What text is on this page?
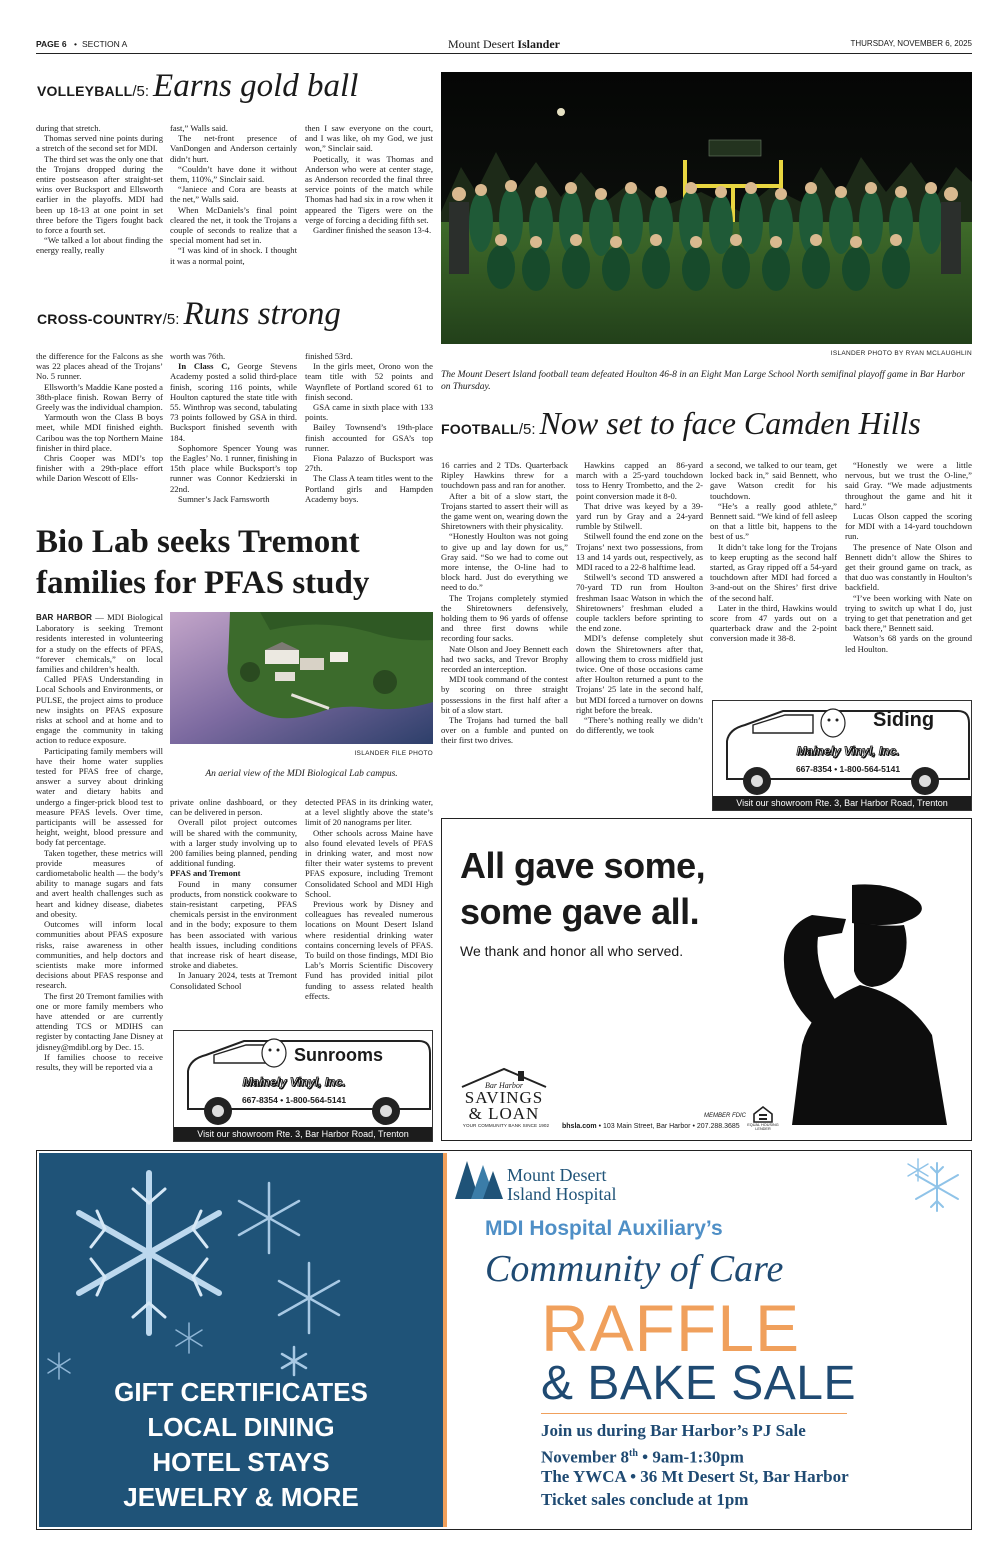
PAGE 6 • SECTION A	Mount Desert Islander	THURSDAY, NOVEMBER 6, 2025
VOLLEYBALL/5: Earns gold ball

during that stretch.

Thomas served nine points during a stretch of the second set for MDI.

The third set was the only one that the Trojans dropped during the entire postseason after straight-set wins over Bucksport and Ellsworth earlier in the playoffs. MDI had been up 18-13 at one point in set three before the Tigers fought back to force a fourth set.

“We talked a lot about finding the energy really, really

fast,” Walls said.

The net-front presence of VanDongen and Anderson certainly didn’t hurt.

“Couldn’t have done it without them, 110%,” Sinclair said.

“Janiece and Cora are beasts at the net,” Walls said.

When McDaniels’s final point cleared the net, it took the Trojans a couple of seconds to realize that a special moment had set in.

“I was kind of in shock. I thought it was a normal point,

then I saw everyone on the court, and I was like, oh my God, we just won,” Sinclair said.

Poetically, it was Thomas and Anderson who were at center stage, as Anderson recorded the final three service points of the match while Thomas had had six in a row when it appeared the Tigers were on the verge of forcing a deciding fifth set.

Gardiner finished the season 13-4.

ISLANDER PHOTO BY RYAN MCLAUGHLIN
The Mount Desert Island football team defeated Houlton 46-8 in an Eight Man Large School North semifinal playoff game in Bar Harbor on Thursday.
CROSS-COUNTRY/5: Runs strong

the difference for the Falcons as she was 22 places ahead of the Trojans’ No. 5 runner.

Ellsworth’s Maddie Kane posted a 38th-place finish. Rowan Berry of Greely was the individual champion.

Yarmouth won the Class B boys meet, while MDI finished eighth. Caribou was the top Northern Maine finisher in third place.

Chris Cooper was MDI’s top finisher with a 29th-place effort while Darion Wescott of Ells-

worth was 76th.

In Class C, George Stevens Academy posted a solid third-place finish, scoring 116 points, while Houlton captured the state title with 55. Winthrop was second, tabulating 73 points followed by GSA in third. Bucksport finished seventh with 184.

Sophomore Spencer Young was the Eagles’ No. 1 runner, finishing in 15th place while Bucksport’s top runner was Connor Kedzierski in 22nd.

Sumner’s Jack Farnsworth

finished 53rd.

In the girls meet, Orono won the team title with 52 points and Waynflete of Portland scored 61 to finish second.

GSA came in sixth place with 133 points.

Bailey Townsend’s 19th-place finish accounted for GSA’s top runner.

Fiona Palazzo of Bucksport was 27th.

The Class A team titles went to the Portland girls and Hampden Academy boys.

FOOTBALL/5: Now set to face Camden Hills

16 carries and 2 TDs. Quarterback Ripley Hawkins threw for a touchdown pass and ran for another.

After a bit of a slow start, the Trojans started to assert their will as the game went on, wearing down the Shiretowners with their physicality.

“Honestly Houlton was not going to give up and lay down for us,” Gray said. “So we had to come out more intense, the O-line had to block hard. Just do everything we need to do.”

The Trojans completely stymied the Shiretowners defensively, holding them to 96 yards of offense and three first downs while recording four sacks.

Nate Olson and Joey Bennett each had two sacks, and Trevor Brophy recorded an interception.

MDI took command of the contest by scoring on three straight possessions in the first half after a bit of a slow start.

The Trojans had turned the ball over on a fumble and punted on their first two drives.

Hawkins capped an 86-yard march with a 25-yard touchdown toss to Henry Trombetto, and the 2-point conversion made it 8-0.

That drive was keyed by a 39-yard run by Gray and a 24-yard rumble by Stilwell.

Stilwell found the end zone on the Trojans’ next two possessions, from 13 and 14 yards out, respectively, as MDI raced to a 22-8 halftime lead.

Stilwell’s second TD answered a 70-yard TD run from Houlton freshman Isaac Watson in which the Shiretowners’ freshman eluded a couple tacklers before sprinting to the end zone.

MDI’s defense completely shut down the Shiretowners after that, allowing them to cross midfield just twice. One of those occasions came after Houlton returned a punt to the Trojans’ 25 late in the second half, but MDI forced a turnover on downs right before the break.

“There’s nothing really we didn’t do differently, we took

a second, we talked to our team, get locked back in,” said Bennett, who gave Watson credit for his touchdown.

“He’s a really good athlete,” Bennett said. “We kind of fell asleep on that a little bit, happens to the best of us.”

It didn’t take long for the Trojans to keep erupting as the second half started, as Gray ripped off a 54-yard touchdown after MDI had forced a 3-and-out on the Shires’ first drive of the second half.

Later in the third, Hawkins would score from 47 yards out on a quarterback draw and the 2-point conversion made it 38-8.

“Honestly we were a little nervous, but we trust the O-line,” said Gray. “We made adjustments throughout the game and hit it hard.”

Lucas Olson capped the scoring for MDI with a 14-yard touchdown run.

The presence of Nate Olson and Bennett didn’t allow the Shires to get their ground game on track, as that duo was constantly in Houlton’s backfield.

“I’ve been working with Nate on trying to switch up what I do, just trying to get that penetration and get back there,” Bennett said.

Watson’s 68 yards on the ground led Houlton.

Siding
Mainely Vinyl, Inc.
667-8354 • 1-800-564-5141
Visit our showroom Rte. 3, Bar Harbor Road, Trenton
Bio Lab seeks Tremont families for PFAS study

BAR HARBOR — MDI Biological Laboratory is seeking Tremont residents interested in volunteering for a study on the effects of PFAS, “forever chemicals,” on local families and children’s health.

Called PFAS Understanding in Local Schools and Environments, or PULSE, the project aims to produce new insights on PFAS exposure risks at school and at home and to engage the community in taking action to reduce exposure.

Participating family members will have their home water supplies tested for PFAS free of charge, answer a survey about drinking water and dietary habits and undergo a finger-prick blood test to measure PFAS levels. Over time, participants will be assessed for height, weight, blood pressure and body fat percentage.

Taken together, these metrics will provide measures of cardiometabolic health — the body’s ability to manage sugars and fats and avert health challenges such as heart and kidney disease, diabetes and obesity.

Outcomes will inform local communities about PFAS exposure risks, raise awareness in other communities, and help doctors and scientists make more informed decisions about PFAS response and research.

The first 20 Tremont families with one or more family members who have attended or are currently attending TCS or MDIHS can register by contacting Jane Disney at jdisney@mdibl.org by Dec. 15.

If families choose to receive results, they will be reported via a

ISLANDER FILE PHOTO
An aerial view of the MDI Biological Lab campus.

private online dashboard, or they can be delivered in person.

Overall pilot project outcomes will be shared with the community, with a larger study involving up to 200 families being planned, pending additional funding.

PFAS and Tremont

Found in many consumer products, from nonstick cookware to stain-resistant carpeting, PFAS chemicals persist in the environment and in the body; exposure to them has been associated with various health issues, including conditions that increase risk of heart disease, stroke and diabetes.

In January 2024, tests at Tremont Consolidated School

detected PFAS in its drinking water, at a level slightly above the state’s limit of 20 nanograms per liter.

Other schools across Maine have also found elevated levels of PFAS in drinking water, and most now filter their water systems to prevent PFAS exposure, including Tremont Consolidated School and MDI High School.

Previous work by Disney and colleagues has revealed numerous locations on Mount Desert Island where residential drinking water contains concerning levels of PFAS. To build on those findings, MDI Bio Lab’s Morris Scientific Discovery Fund has provided initial pilot funding to assess related health effects.

Sunrooms
Mainely Vinyl, Inc.
667-8354 • 1-800-564-5141
Visit our showroom Rte. 3, Bar Harbor Road, Trenton
All gave some,
some gave all.
We thank and honor all who served.
Bar Harbor
SAVINGS
& LOAN
YOUR COMMUNITY BANK SINCE 1902
MEMBER FDIC
bhsla.com • 103 Main Street, Bar Harbor • 207.288.3685	EQUAL HOUSING LENDER
GIFT CERTIFICATES
LOCAL DINING
HOTEL STAYS
JEWELRY & MORE
Mount Desert
Island Hospital
MDI Hospital Auxiliary’s
Community of Care
RAFFLE
& BAKE SALE
Join us during Bar Harbor’s PJ Sale
November 8th • 9am-1:30pm
The YWCA • 36 Mt Desert St, Bar Harbor
Ticket sales conclude at 1pm
